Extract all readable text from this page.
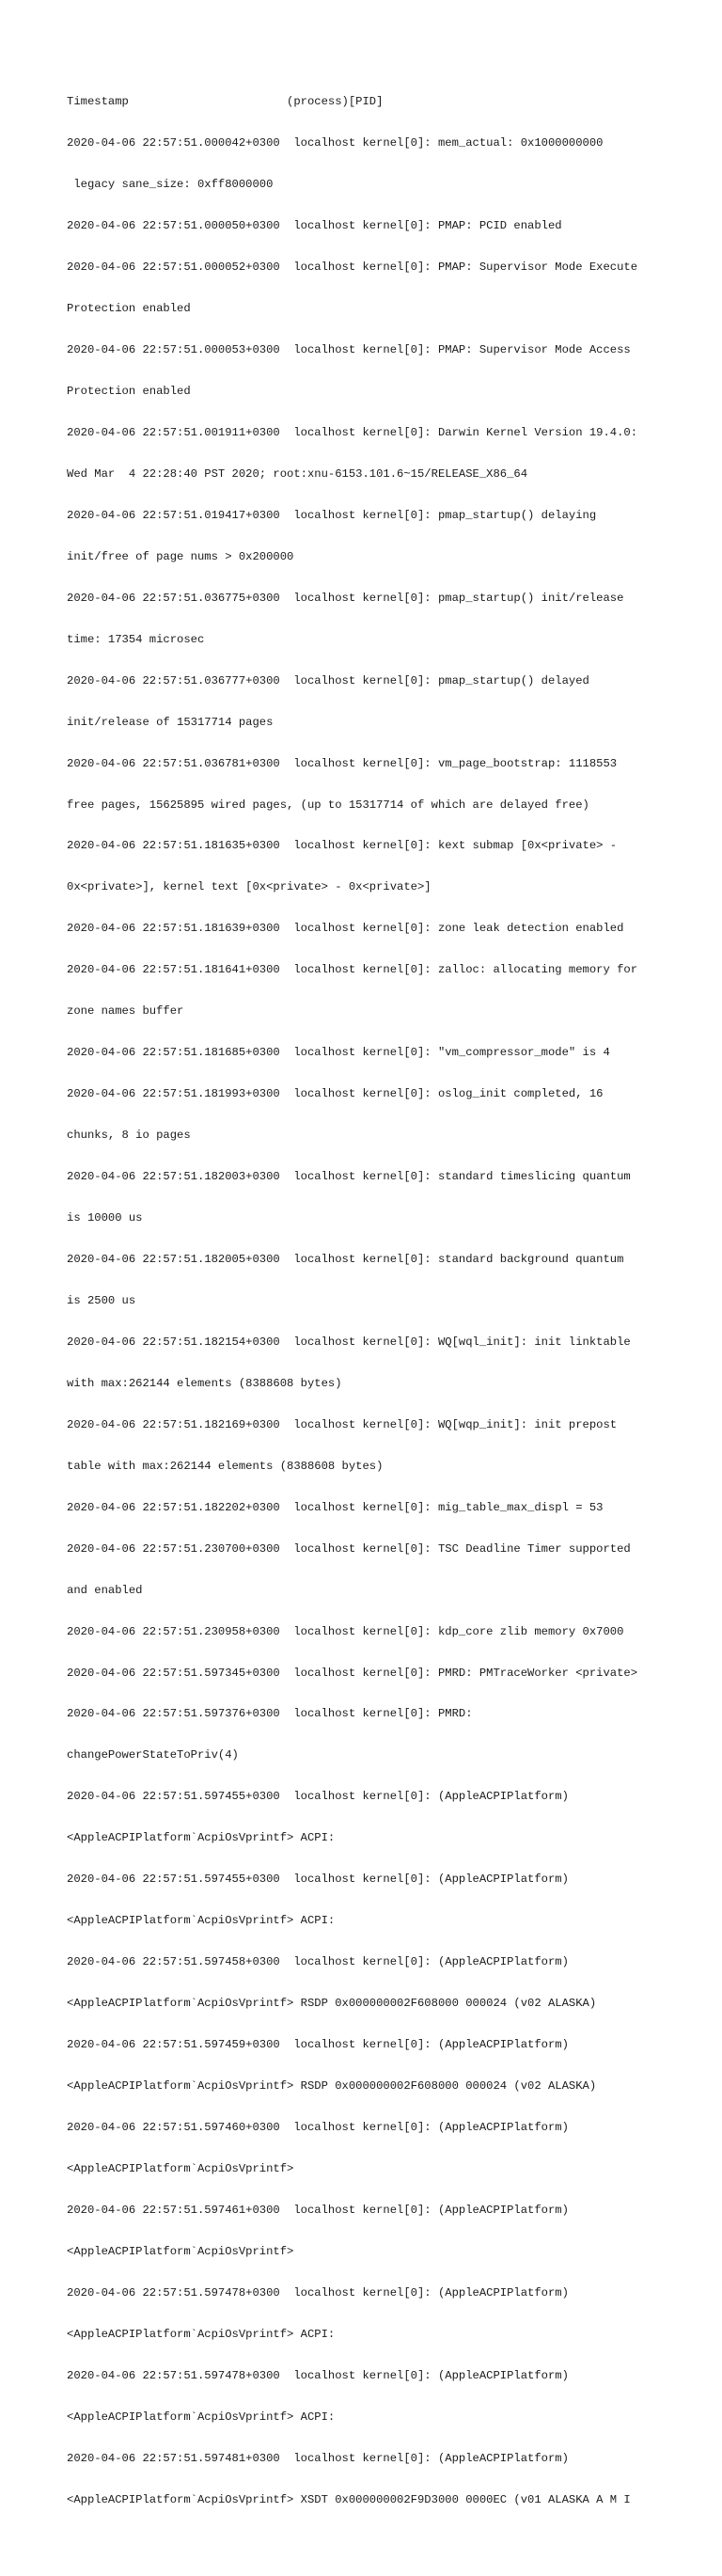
Timestamp                       (process)[PID]

2020-04-06 22:57:51.000042+0300  localhost kernel[0]: mem_actual: 0x1000000000

legacy sane_size: 0xff8000000

2020-04-06 22:57:51.000050+0300  localhost kernel[0]: PMAP: PCID enabled

2020-04-06 22:57:51.000052+0300  localhost kernel[0]: PMAP: Supervisor Mode Execute

Protection enabled

2020-04-06 22:57:51.000053+0300  localhost kernel[0]: PMAP: Supervisor Mode Access

Protection enabled

2020-04-06 22:57:51.001911+0300  localhost kernel[0]: Darwin Kernel Version 19.4.0:

Wed Mar  4 22:28:40 PST 2020; root:xnu-6153.101.6~15/RELEASE_X86_64

2020-04-06 22:57:51.019417+0300  localhost kernel[0]: pmap_startup() delaying

init/free of page nums > 0x200000

2020-04-06 22:57:51.036775+0300  localhost kernel[0]: pmap_startup() init/release

time: 17354 microsec

2020-04-06 22:57:51.036777+0300  localhost kernel[0]: pmap_startup() delayed

init/release of 15317714 pages

2020-04-06 22:57:51.036781+0300  localhost kernel[0]: vm_page_bootstrap: 1118553

free pages, 15625895 wired pages, (up to 15317714 of which are delayed free)

2020-04-06 22:57:51.181635+0300  localhost kernel[0]: kext submap [0x<private> -

0x<private>], kernel text [0x<private> - 0x<private>]

2020-04-06 22:57:51.181639+0300  localhost kernel[0]: zone leak detection enabled

2020-04-06 22:57:51.181641+0300  localhost kernel[0]: zalloc: allocating memory for

zone names buffer

2020-04-06 22:57:51.181685+0300  localhost kernel[0]: "vm_compressor_mode" is 4

2020-04-06 22:57:51.181993+0300  localhost kernel[0]: oslog_init completed, 16

chunks, 8 io pages

2020-04-06 22:57:51.182003+0300  localhost kernel[0]: standard timeslicing quantum

is 10000 us

2020-04-06 22:57:51.182005+0300  localhost kernel[0]: standard background quantum

is 2500 us

2020-04-06 22:57:51.182154+0300  localhost kernel[0]: WQ[wql_init]: init linktable

with max:262144 elements (8388608 bytes)

2020-04-06 22:57:51.182169+0300  localhost kernel[0]: WQ[wqp_init]: init prepost

table with max:262144 elements (8388608 bytes)

2020-04-06 22:57:51.182202+0300  localhost kernel[0]: mig_table_max_displ = 53

2020-04-06 22:57:51.230700+0300  localhost kernel[0]: TSC Deadline Timer supported

and enabled

2020-04-06 22:57:51.230958+0300  localhost kernel[0]: kdp_core zlib memory 0x7000

2020-04-06 22:57:51.597345+0300  localhost kernel[0]: PMRD: PMTraceWorker <private>

2020-04-06 22:57:51.597376+0300  localhost kernel[0]: PMRD:

changePowerStateToPriv(4)

2020-04-06 22:57:51.597455+0300  localhost kernel[0]: (AppleACPIPlatform)

<AppleACPIPlatform`AcpiOsVprintf> ACPI:

2020-04-06 22:57:51.597455+0300  localhost kernel[0]: (AppleACPIPlatform)

<AppleACPIPlatform`AcpiOsVprintf> ACPI:

2020-04-06 22:57:51.597458+0300  localhost kernel[0]: (AppleACPIPlatform)

<AppleACPIPlatform`AcpiOsVprintf> RSDP 0x000000002F608000 000024 (v02 ALASKA)

2020-04-06 22:57:51.597459+0300  localhost kernel[0]: (AppleACPIPlatform)

<AppleACPIPlatform`AcpiOsVprintf> RSDP 0x000000002F608000 000024 (v02 ALASKA)

2020-04-06 22:57:51.597460+0300  localhost kernel[0]: (AppleACPIPlatform)

<AppleACPIPlatform`AcpiOsVprintf>

2020-04-06 22:57:51.597461+0300  localhost kernel[0]: (AppleACPIPlatform)

<AppleACPIPlatform`AcpiOsVprintf>

2020-04-06 22:57:51.597478+0300  localhost kernel[0]: (AppleACPIPlatform)

<AppleACPIPlatform`AcpiOsVprintf> ACPI:

2020-04-06 22:57:51.597478+0300  localhost kernel[0]: (AppleACPIPlatform)

<AppleACPIPlatform`AcpiOsVprintf> ACPI:

2020-04-06 22:57:51.597481+0300  localhost kernel[0]: (AppleACPIPlatform)

<AppleACPIPlatform`AcpiOsVprintf> XSDT 0x000000002F9D3000 0000EC (v01 ALASKA A M I
